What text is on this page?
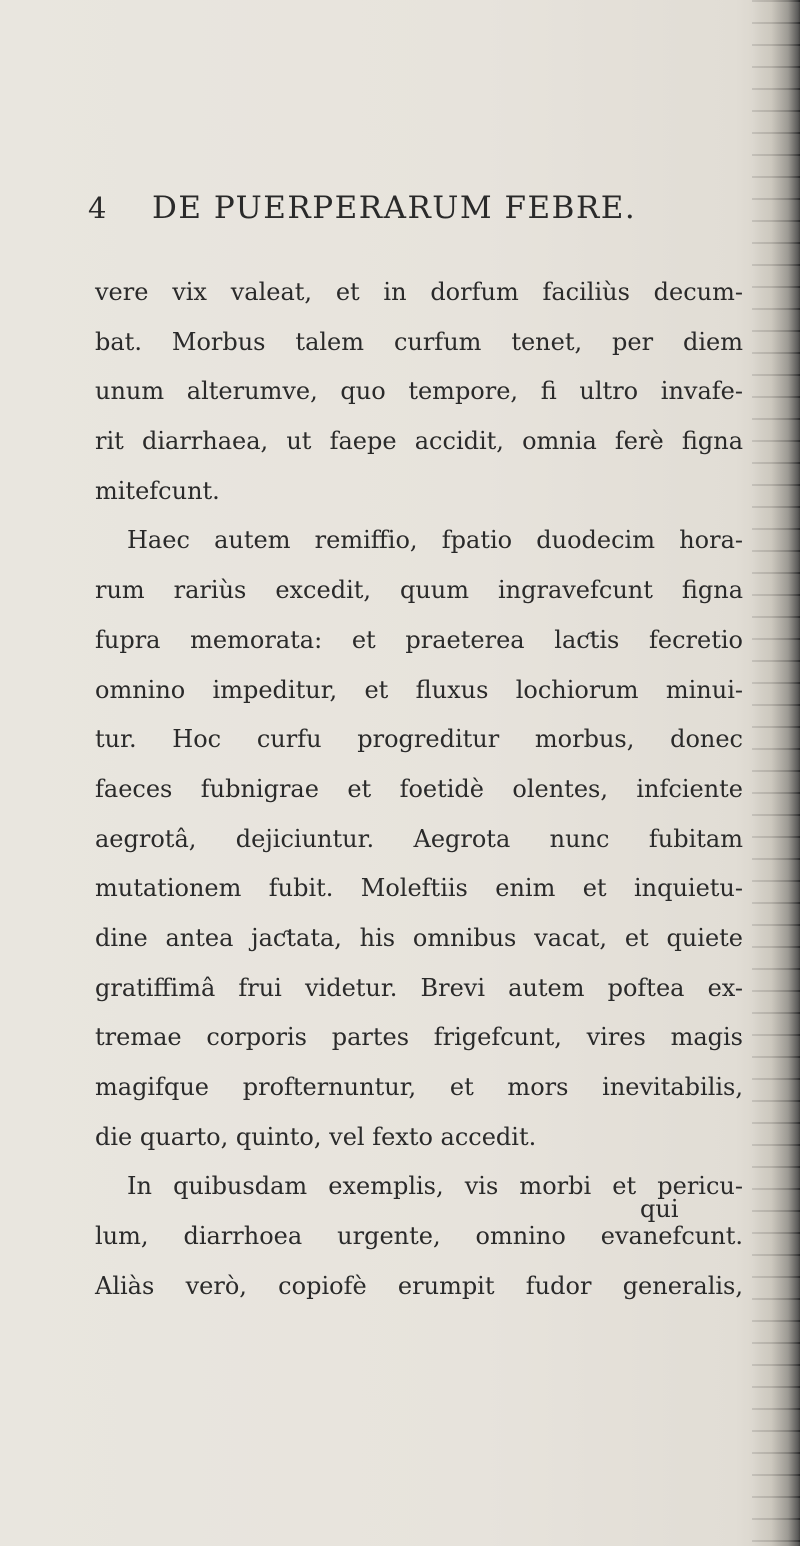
4	DE PUERPERARUM FEBRE.
vere vix valeat, et in dorfum faciliùs decum-
bat. Morbus talem curfum tenet, per diem
unum alterumve, quo tempore, fi ultro invafe-
rit diarrhaea, ut faepe accidit, omnia ferè figna
mitefcunt.
Haec autem remiffio, fpatio duodecim hora-
rum rariùs excedit, quum ingravefcunt figna
fupra memorata: et praeterea laƈtis fecretio
omnino impeditur, et fluxus lochiorum minui-
tur. Hoc curfu progreditur morbus, donec
faeces fubnigrae et foetidè olentes, infciente
aegrotâ, dejiciuntur. Aegrota nunc fubitam
mutationem fubit. Moleftiis enim et inquietu-
dine antea jaƈtata, his omnibus vacat, et quiete
gratiffimâ frui videtur. Brevi autem poftea ex-
tremae corporis partes frigefcunt, vires magis
magifque profternuntur, et mors inevitabilis,
die quarto, quinto, vel fexto accedit.
In quibusdam exemplis, vis morbi et pericu-
lum, diarrhoea urgente, omnino evanefcunt.
Aliàs verò, copiofè erumpit fudor generalis,
qui
